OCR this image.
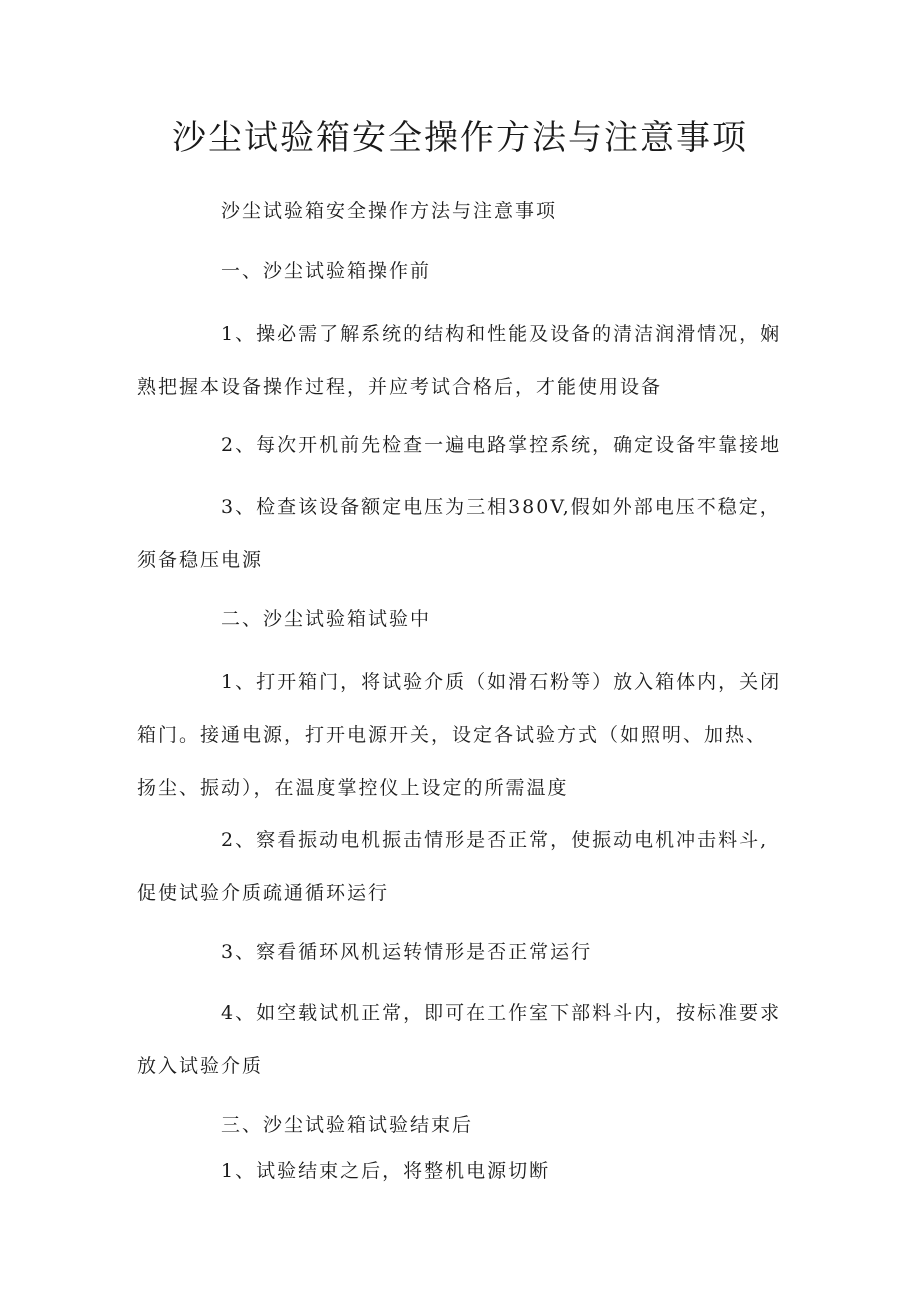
沙尘试验箱安全操作方法与注意事项

沙尘试验箱安全操作方法与注意事项

一、沙尘试验箱操作前

1、操必需了解系统的结构和性能及设备的清洁润滑情况，娴熟把握本设备操作过程，并应考试合格后，才能使用设备

2、每次开机前先检查一遍电路掌控系统，确定设备牢靠接地

3、检查该设备额定电压为三相380V,假如外部电压不稳定，须备稳压电源

二、沙尘试验箱试验中

1、打开箱门，将试验介质（如滑石粉等）放入箱体内，关闭箱门。接通电源，打开电源开关，设定各试验方式（如照明、加热、扬尘、振动），在温度掌控仪上设定的所需温度

2、察看振动电机振击情形是否正常，使振动电机冲击料斗,促使试验介质疏通循环运行

3、察看循环风机运转情形是否正常运行

4、如空载试机正常，即可在工作室下部料斗内，按标准要求放入试验介质

三、沙尘试验箱试验结束后

1、试验结束之后，将整机电源切断
